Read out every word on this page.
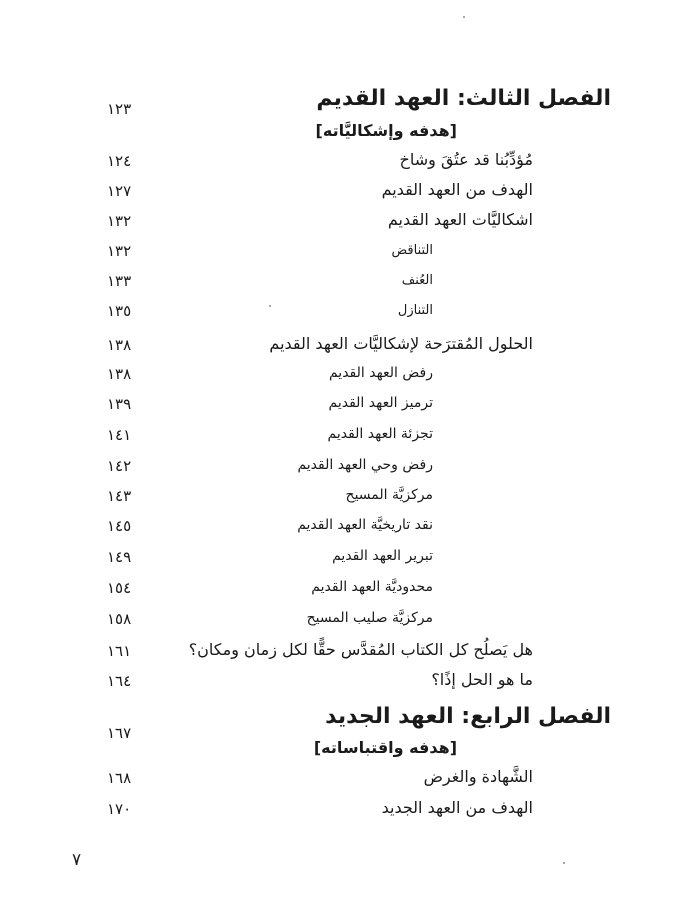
الفصل الثالث: العهد القديم
١٢٣
[هدفه وإشكاليَّاته]
مُؤدِّبُنا قد عتُقَ وشاخ
١٢٤
الهدف من العهد القديم
١٢٧
اشكاليَّات العهد القديم
١٣٢
التناقض
١٣٢
العُنف
١٣٣
التنازل
١٣٥
الحلول المُقترَحة لإشكاليَّات العهد القديم
١٣٨
رفض العهد القديم
١٣٨
ترميز العهد القديم
١٣٩
تجزئة العهد القديم
١٤١
رفض وحي العهد القديم
١٤٢
مركزيَّة المسيح
١٤٣
نقد تاريخيَّة العهد القديم
١٤٥
تبرير العهد القديم
١٤٩
محدوديَّة العهد القديم
١٥٤
مركزيَّة صليب المسيح
١٥٨
هل يَصلُح كل الكتاب المُقدَّس حقًّا لكل زمان ومكان؟
١٦١
ما هو الحل إذًا؟
١٦٤
الفصل الرابع: العهد الجديد
١٦٧
[هدفه واقتباساته]
الشَّهادة والغرض
١٦٨
الهدف من العهد الجديد
١٧٠
٧
